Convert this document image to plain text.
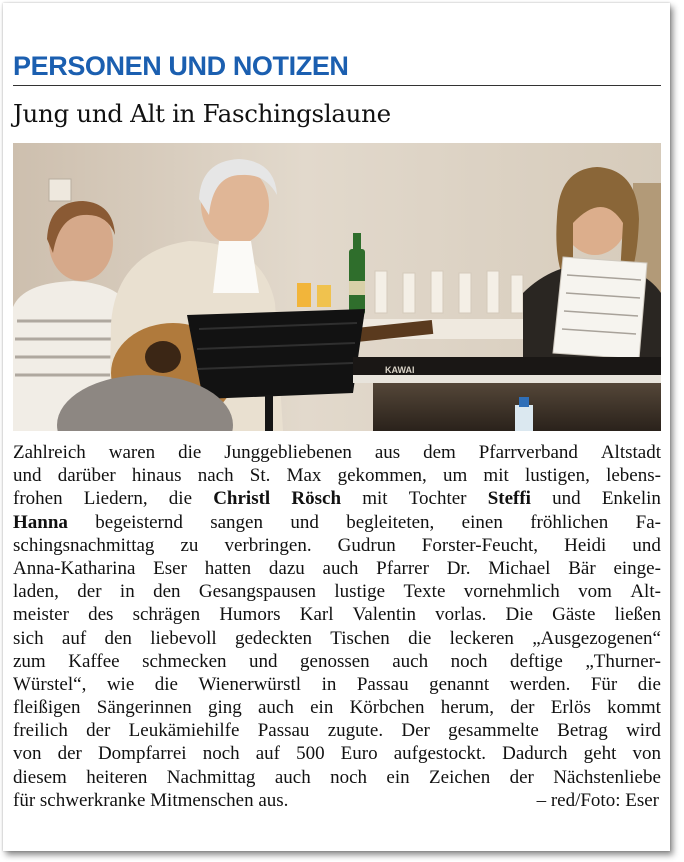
PERSONEN UND NOTIZEN
Jung und Alt in Faschingslaune
KAWAI
Zahlreich waren die Junggebliebenen aus dem Pfarrverband Altstadt
und darüber hinaus nach St. Max gekommen, um mit lustigen, lebens-
frohen Liedern, die Christl Rösch mit Tochter Steffi und Enkelin
Hanna begeisternd sangen und begleiteten, einen fröhlichen Fa-
schingsnachmittag zu verbringen. Gudrun Forster-Feucht, Heidi und
Anna-Katharina Eser hatten dazu auch Pfarrer Dr. Michael Bär einge-
laden, der in den Gesangspausen lustige Texte vornehmlich vom Alt-
meister des schrägen Humors Karl Valentin vorlas. Die Gäste ließen
sich auf den liebevoll gedeckten Tischen die leckeren „Ausgezogenen“
zum Kaffee schmecken und genossen auch noch deftige „Thurner-
Würstel“, wie die Wienerwürstl in Passau genannt werden. Für die
fleißigen Sängerinnen ging auch ein Körbchen herum, der Erlös kommt
freilich der Leukämiehilfe Passau zugute. Der gesammelte Betrag wird
von der Dompfarrei noch auf 500 Euro aufgestockt. Dadurch geht von
diesem heiteren Nachmittag auch noch ein Zeichen der Nächstenliebe
für schwerkranke Mitmenschen aus.	– red/Foto: Eser
